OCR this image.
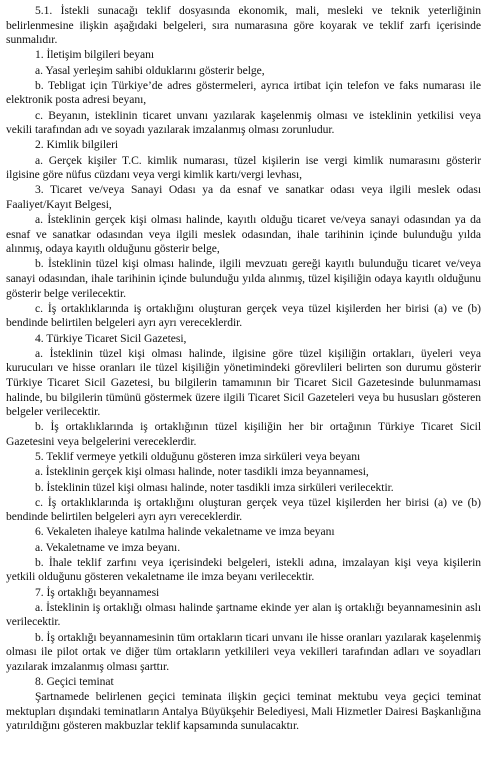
5.1. İstekli sunacağı teklif dosyasında ekonomik, mali, mesleki ve teknik yeterliğinin belirlenmesine ilişkin aşağıdaki belgeleri, sıra numarasına göre koyarak ve teklif zarfı içerisinde sunmalıdır.

1. İletişim bilgileri beyanı

a. Yasal yerleşim sahibi olduklarını gösterir belge,

b. Tebligat için Türkiye’de adres göstermeleri, ayrıca irtibat için telefon ve faks numarası ile elektronik posta adresi beyanı,

c. Beyanın, isteklinin ticaret unvanı yazılarak kaşelenmiş olması ve isteklinin yetkilisi veya vekili tarafından adı ve soyadı yazılarak imzalanmış olması zorunludur.

2. Kimlik bilgileri

a. Gerçek kişiler T.C. kimlik numarası, tüzel kişilerin ise vergi kimlik numarasını gösterir ilgisine göre nüfus cüzdanı veya vergi kimlik kartı/vergi levhası,

3. Ticaret ve/veya Sanayi Odası ya da esnaf ve sanatkar odası veya ilgili meslek odası Faaliyet/Kayıt Belgesi,

a. İsteklinin gerçek kişi olması halinde, kayıtlı olduğu ticaret ve/veya sanayi odasından ya da esnaf ve sanatkar odasından veya ilgili meslek odasından, ihale tarihinin içinde bulunduğu yılda alınmış, odaya kayıtlı olduğunu gösterir belge,

b. İsteklinin tüzel kişi olması halinde, ilgili mevzuatı gereği kayıtlı bulunduğu ticaret ve/veya sanayi odasından, ihale tarihinin içinde bulunduğu yılda alınmış, tüzel kişiliğin odaya kayıtlı olduğunu gösterir belge verilecektir.

c. İş ortaklıklarında iş ortaklığını oluşturan gerçek veya tüzel kişilerden her birisi (a) ve (b) bendinde belirtilen belgeleri ayrı ayrı vereceklerdir.

4. Türkiye Ticaret Sicil Gazetesi,

a. İsteklinin tüzel kişi olması halinde, ilgisine göre tüzel kişiliğin ortakları, üyeleri veya kurucuları ve hisse oranları ile tüzel kişiliğin yönetimindeki görevlileri belirten son durumu gösterir Türkiye Ticaret Sicil Gazetesi, bu bilgilerin tamamının bir Ticaret Sicil Gazetesinde bulunmaması halinde, bu bilgilerin tümünü göstermek üzere ilgili Ticaret Sicil Gazeteleri veya bu hususları gösteren belgeler verilecektir.

b. İş ortaklıklarında iş ortaklığının tüzel kişiliğin her bir ortağının Türkiye Ticaret Sicil Gazetesini veya belgelerini vereceklerdir.

5. Teklif vermeye yetkili olduğunu gösteren imza sirküleri veya beyanı

a. İsteklinin gerçek kişi olması halinde, noter tasdikli imza beyannamesi,

b. İsteklinin tüzel kişi olması halinde, noter tasdikli imza sirküleri verilecektir.

c. İş ortaklıklarında iş ortaklığını oluşturan gerçek veya tüzel kişilerden her birisi (a) ve (b) bendinde belirtilen belgeleri ayrı ayrı vereceklerdir.

6. Vekaleten ihaleye katılma halinde vekaletname ve imza beyanı

a. Vekaletname ve imza beyanı.

b. İhale teklif zarfını veya içerisindeki belgeleri, istekli adına, imzalayan kişi veya kişilerin yetkili olduğunu gösteren vekaletname ile imza beyanı verilecektir.

7. İş ortaklığı beyannamesi

a. İsteklinin iş ortaklığı olması halinde şartname ekinde yer alan iş ortaklığı beyannamesinin aslı verilecektir.

b. İş ortaklığı beyannamesinin tüm ortakların ticari unvanı ile hisse oranları yazılarak kaşelenmiş olması ile pilot ortak ve diğer tüm ortakların yetkilileri veya vekilleri tarafından adları ve soyadları yazılarak imzalanmış olması şarttır.

8. Geçici teminat

Şartnamede belirlenen geçici teminata ilişkin geçici teminat mektubu veya geçici teminat mektupları dışındaki teminatların Antalya Büyükşehir Belediyesi, Mali Hizmetler Dairesi Başkanlığına yatırıldığını gösteren makbuzlar teklif kapsamında sunulacaktır.
